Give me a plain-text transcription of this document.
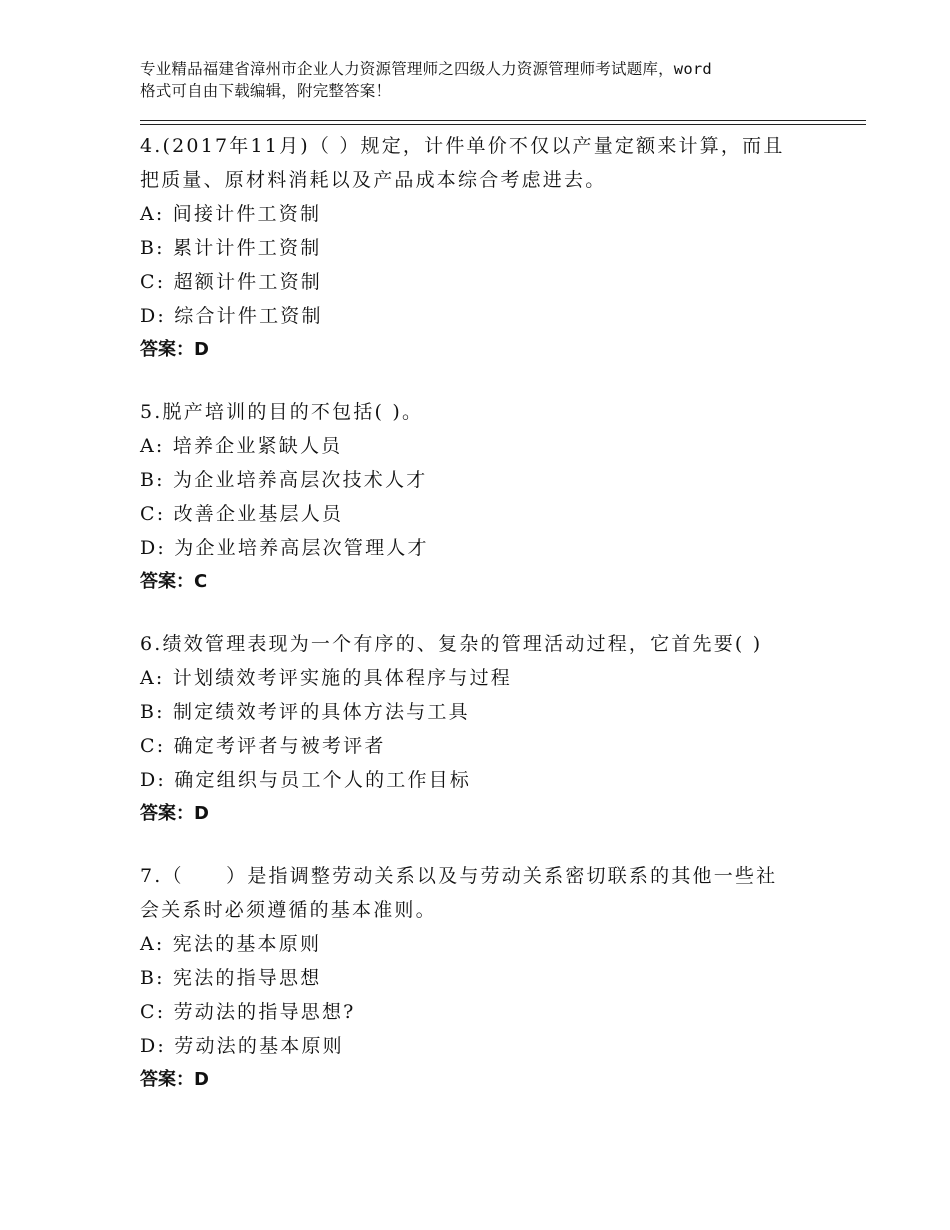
专业精品福建省漳州市企业人力资源管理师之四级人力资源管理师考试题库，word
格式可自由下载编辑，附完整答案！

4.(2017年11月)（ ）规定，计件单价不仅以产量定额来计算，而且

把质量、原材料消耗以及产品成本综合考虑进去。

A: 间接计件工资制

B: 累计计件工资制

C: 超额计件工资制

D: 综合计件工资制

答案：D

5.脱产培训的目的不包括( )。

A: 培养企业紧缺人员

B: 为企业培养高层次技术人才

C: 改善企业基层人员

D: 为企业培养高层次管理人才

答案：C

6.绩效管理表现为一个有序的、复杂的管理活动过程，它首先要( )

A: 计划绩效考评实施的具体程序与过程

B: 制定绩效考评的具体方法与工具

C: 确定考评者与被考评者

D: 确定组织与员工个人的工作目标

答案：D

7.（　　）是指调整劳动关系以及与劳动关系密切联系的其他一些社

会关系时必须遵循的基本准则。

A: 宪法的基本原则

B: 宪法的指导思想

C: 劳动法的指导思想?

D: 劳动法的基本原则

答案：D
